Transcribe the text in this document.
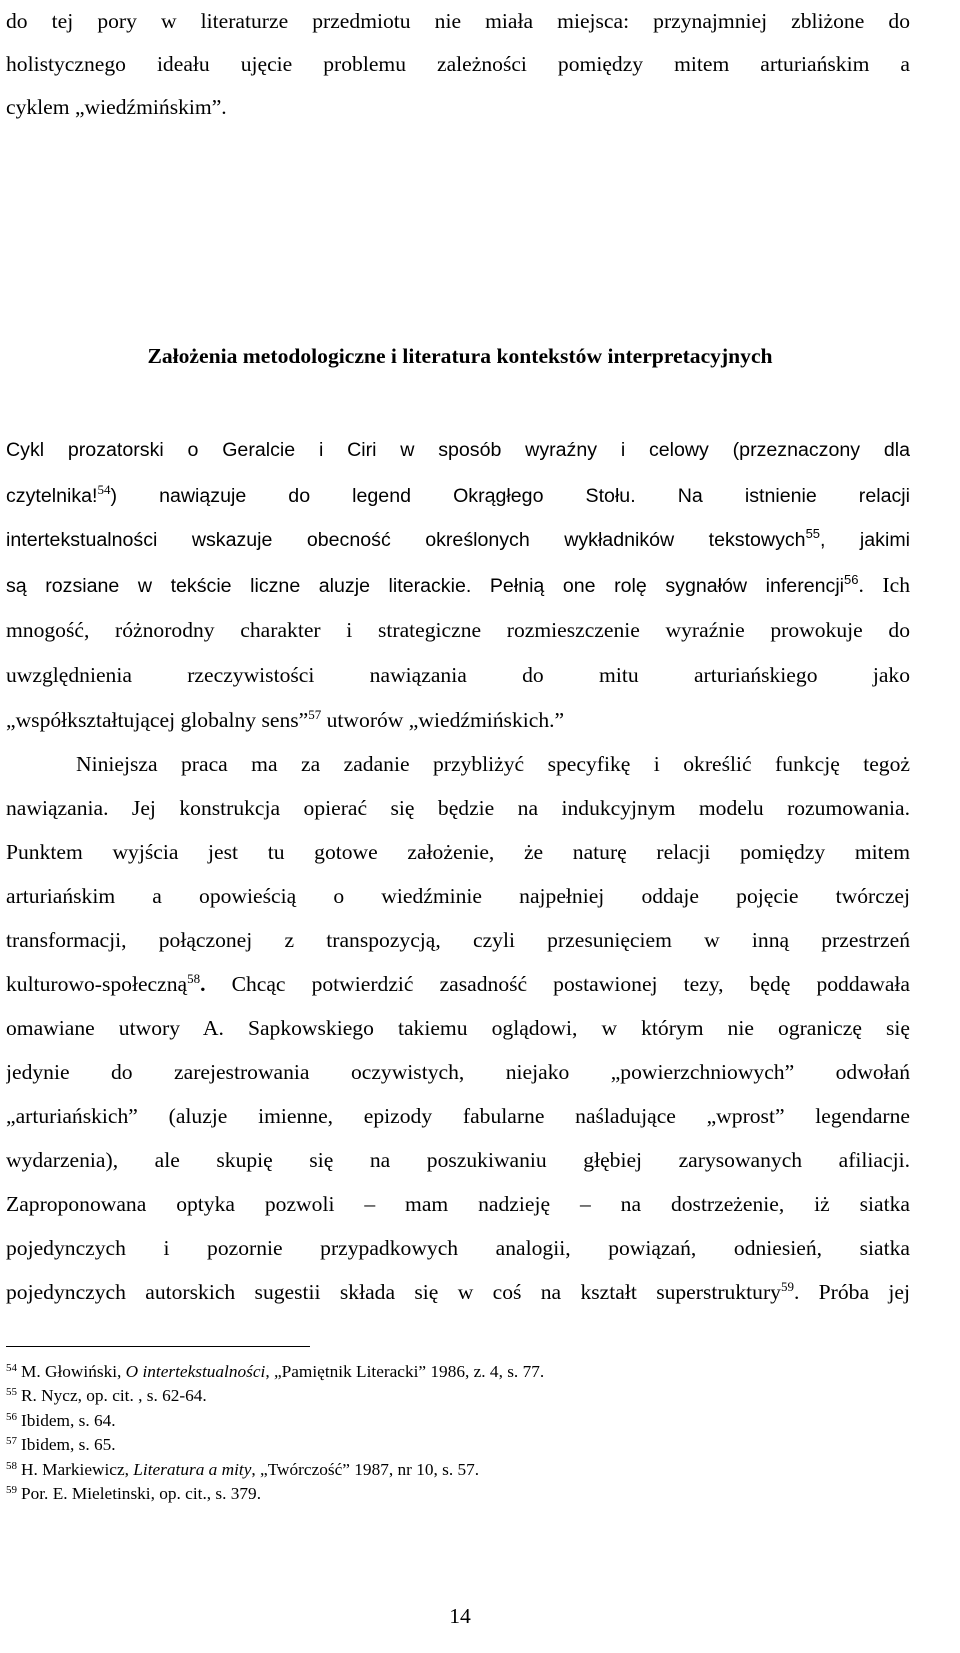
do tej pory w literaturze przedmiotu nie miała miejsca: przynajmniej zbliżone do
holistycznego ideału ujęcie problemu zależności pomiędzy mitem arturiańskim a
cyklem „wiedźmińskim”.
Założenia metodologiczne i literatura kontekstów interpretacyjnych
Cykl prozatorski o Geralcie i Ciri w sposób wyraźny i celowy (przeznaczony dla
czytelnika!$^{54}$) nawiązuje do legend Okrągłego Stołu. Na istnienie relacji
intertekstualności wskazuje obecność określonych wykładników tekstowych$^{55}$, jakimi
są rozsiane w tekście liczne aluzje literackie. Pełnią one rolę sygnałów inferencji$^{56}$. Ich
mnogość, różnorodny charakter i strategiczne rozmieszczenie wyraźnie prowokuje do
uwzględnienia rzeczywistości nawiązania do mitu arturiańskiego jako
„współkształtującej globalny sens”$^{57}$ utworów „wiedźmińskich.”
Niniejsza praca ma za zadanie przybliżyć specyfikę i określić funkcję tegoż
nawiązania. Jej konstrukcja opierać się będzie na indukcyjnym modelu rozumowania.
Punktem wyjścia jest tu gotowe założenie, że naturę relacji pomiędzy mitem
arturiańskim a opowieścią o wiedźminie najpełniej oddaje pojęcie twórczej
transformacji, połączonej z transpozycją, czyli przesunięciem w inną przestrzeń
kulturowo-społeczną$^{58}$. Chcąc potwierdzić zasadność postawionej tezy, będę poddawała
omawiane utwory A. Sapkowskiego takiemu oglądowi, w którym nie ograniczę się
jedynie do zarejestrowania oczywistych, niejako „powierzchniowych” odwołań
„arturiańskich” (aluzje imienne, epizody fabularne naśladujące „wprost” legendarne
wydarzenia), ale skupię się na poszukiwaniu głębiej zarysowanych afiliacji.
Zaproponowana optyka pozwoli – mam nadzieję – na dostrzeżenie, iż siatka
pojedynczych i pozornie przypadkowych analogii, powiązań, odniesień, siatka
pojedynczych autorskich sugestii składa się w coś na kształt superstruktury$^{59}$. Próba jej
$^{54}$ M. Głowiński, O intertekstualności, „Pamiętnik Literacki” 1986, z. 4, s. 77.
$^{55}$ R. Nycz, op. cit. , s. 62-64.
$^{56}$ Ibidem, s. 64.
$^{57}$ Ibidem, s. 65.
$^{58}$ H. Markiewicz, Literatura a mity, „Twórczość” 1987, nr 10, s. 57.
$^{59}$ Por. E. Mieletinski, op. cit., s. 379.
14
